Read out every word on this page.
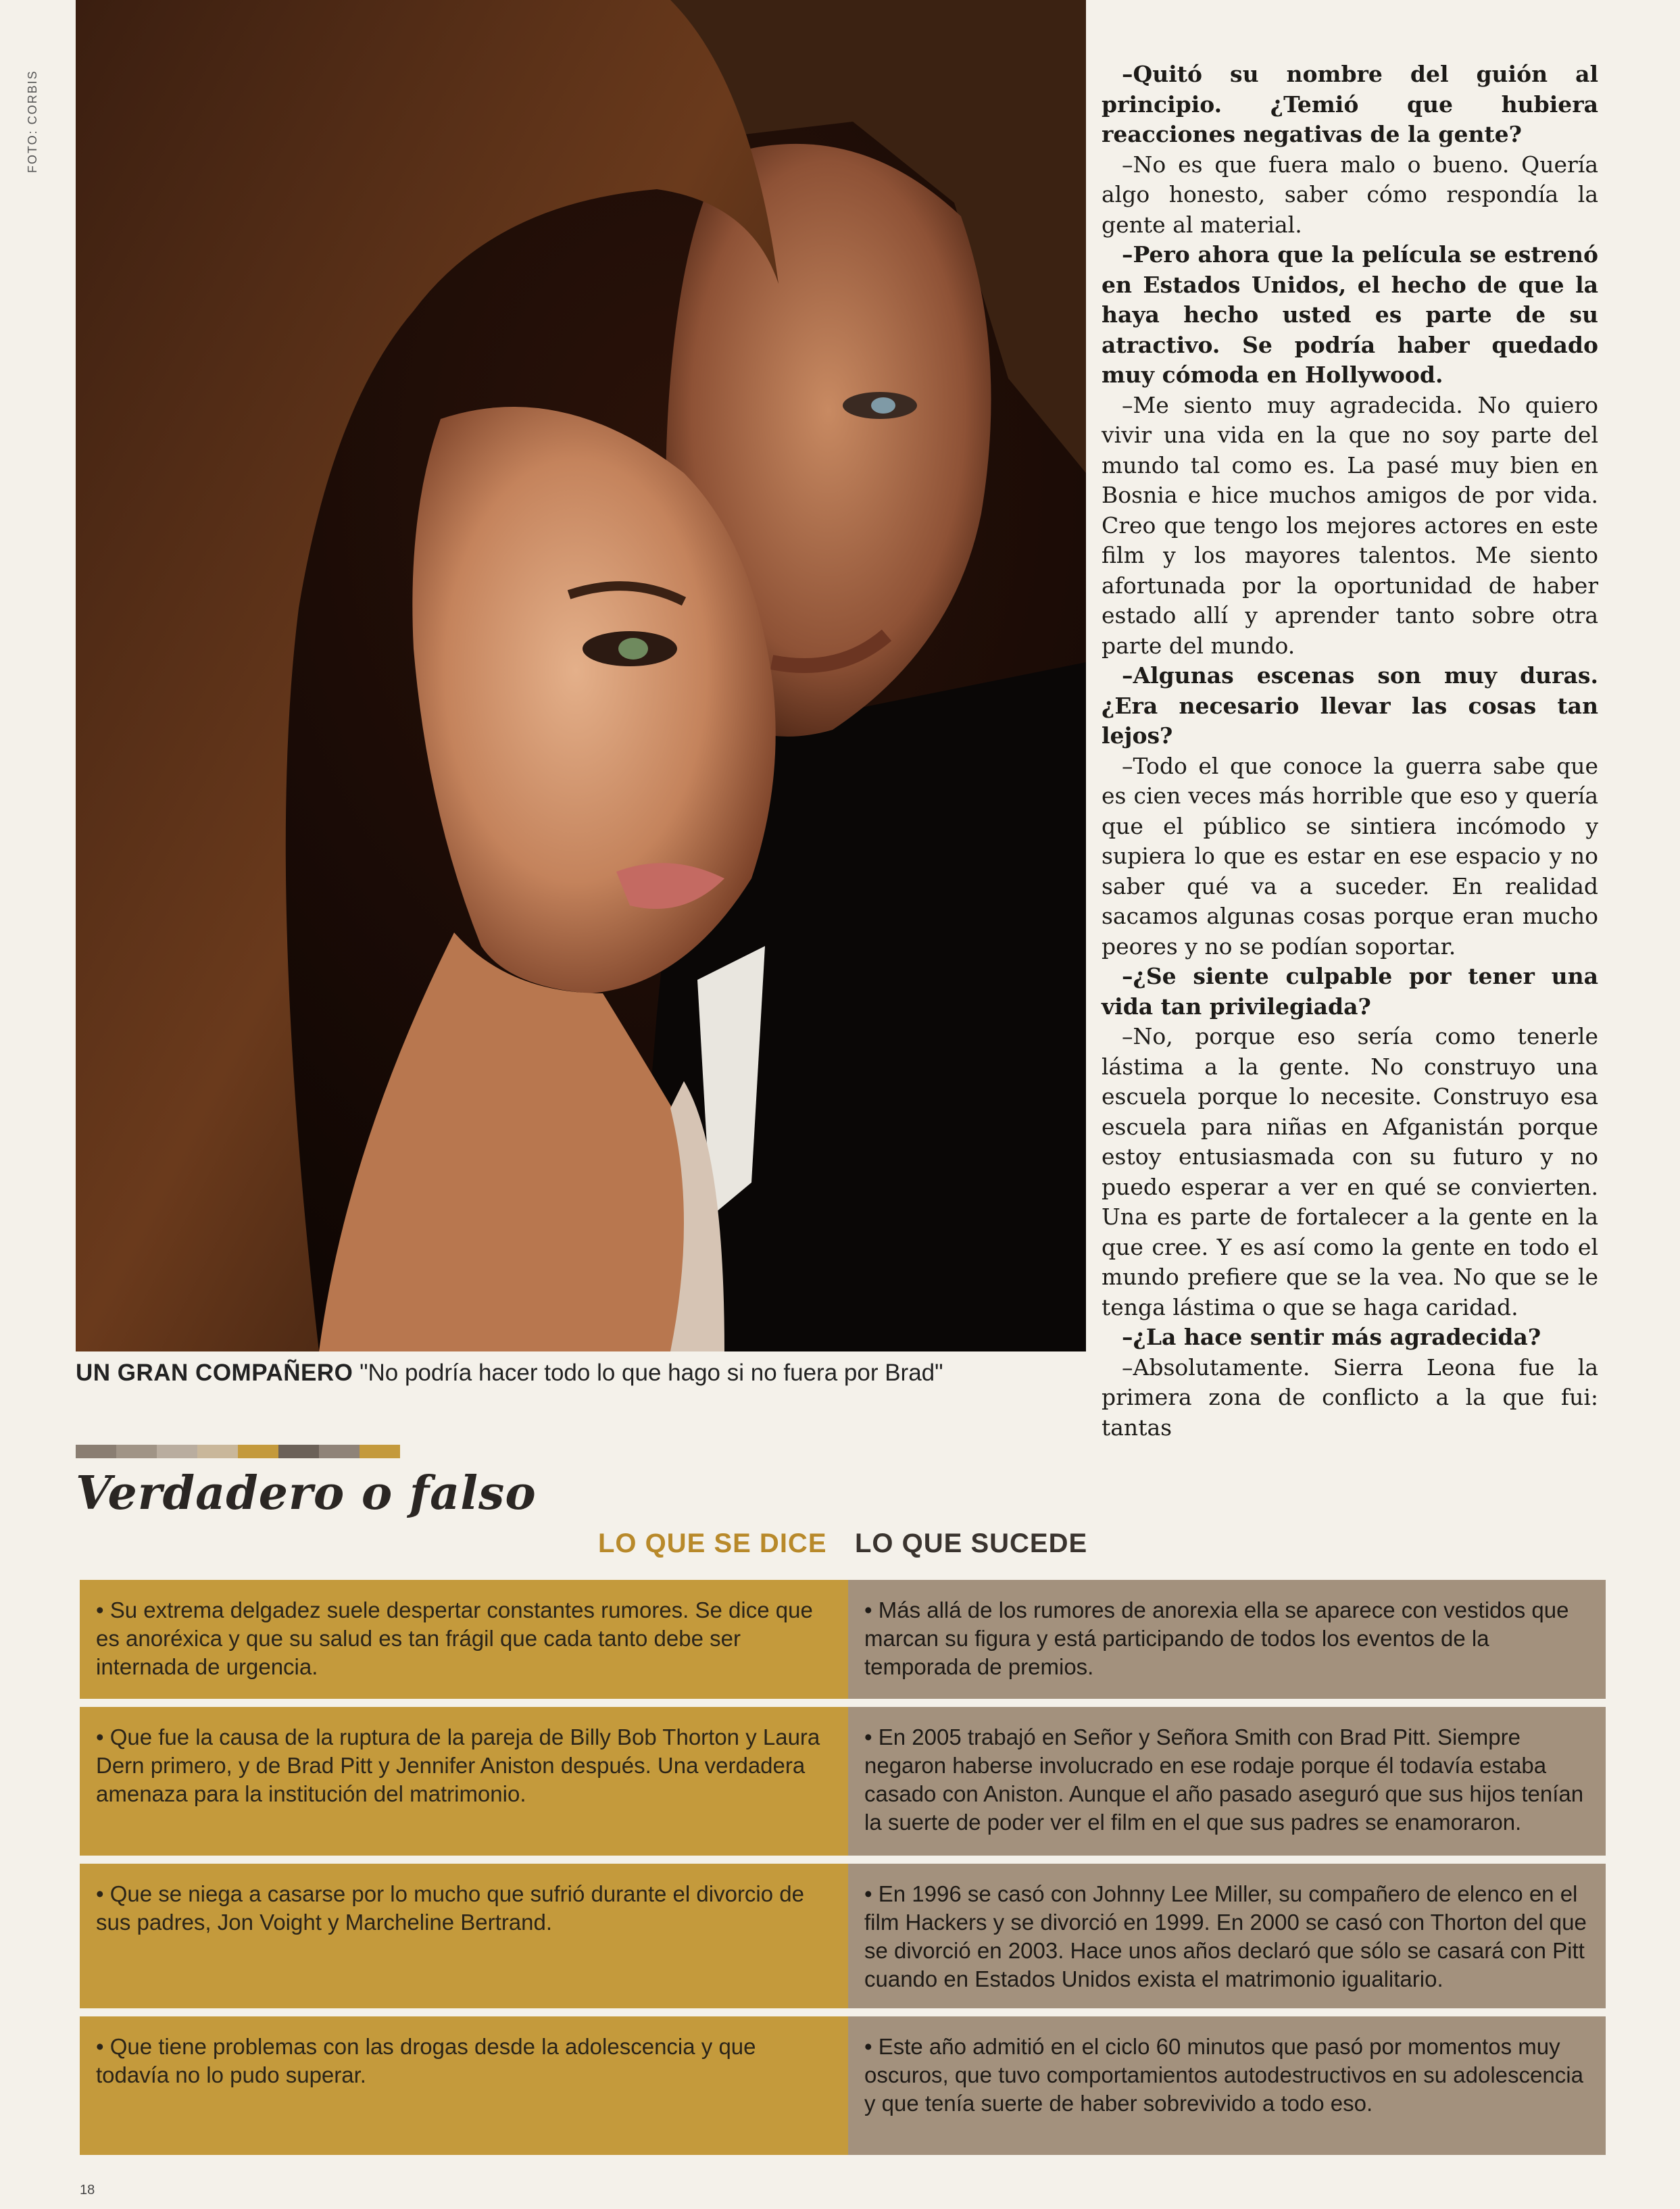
FOTO: CORBIS
UN GRAN COMPAÑERO "No podría hacer todo lo que hago si no fuera por Brad"

–Quitó su nombre del guión al principio. ¿Temió que hubiera reacciones negativas de la gente?

–No es que fuera malo o bueno. Quería algo honesto, saber cómo respondía la gente al material.

–Pero ahora que la película se estrenó en Estados Unidos, el hecho de que la haya hecho usted es parte de su atractivo. Se podría haber quedado muy cómoda en Hollywood.

–Me siento muy agradecida. No quiero vivir una vida en la que no soy parte del mundo tal como es. La pasé muy bien en Bosnia e hice muchos amigos de por vida. Creo que tengo los mejores actores en este film y los mayores talentos. Me siento afortunada por la oportunidad de haber estado allí y aprender tanto sobre otra parte del mundo.

–Algunas escenas son muy duras. ¿Era necesario llevar las cosas tan lejos?

–Todo el que conoce la guerra sabe que es cien veces más horrible que eso y quería que el público se sintiera incómodo y supiera lo que es estar en ese espacio y no saber qué va a suceder. En realidad sacamos algunas cosas porque eran mucho peores y no se podían soportar.

–¿Se siente culpable por tener una vida tan privilegiada?

–No, porque eso sería como tenerle lástima a la gente. No construyo una escuela porque lo necesite. Construyo esa escuela para niñas en Afganistán porque estoy entusiasmada con su futuro y no puedo esperar a ver en qué se convierten. Una es parte de fortalecer a la gente en la que cree. Y es así como la gente en todo el mundo prefiere que se la vea. No que se le tenga lástima o que se haga caridad.

–¿La hace sentir más agradecida?

–Absolutamente. Sierra Leona fue la primera zona de conflicto a la que fui: tantas

Verdadero o falso
LO QUE SE DICE LO QUE SUCEDE
• Su extrema delgadez suele despertar constantes rumores. Se dice que es anoréxica y que su salud es tan frágil que cada tanto debe ser internada de urgencia.
• Más allá de los rumores de anorexia ella se aparece con vestidos que marcan su figura y está participando de todos los eventos de la temporada de premios.
• Que fue la causa de la ruptura de la pareja de Billy Bob Thorton y Laura Dern primero, y de Brad Pitt y Jennifer Aniston después. Una verdadera amenaza para la institución del matrimonio.
• En 2005 trabajó en Señor y Señora Smith con Brad Pitt. Siempre negaron haberse involucrado en ese rodaje porque él todavía estaba casado con Aniston. Aunque el año pasado aseguró que sus hijos tenían la suerte de poder ver el film en el que sus padres se enamoraron.
• Que se niega a casarse por lo mucho que sufrió durante el divorcio de sus padres, Jon Voight y Marcheline Bertrand.
• En 1996 se casó con Johnny Lee Miller, su compañero de elenco en el film Hackers y se divorció en 1999. En 2000 se casó con Thorton del que se divorció en 2003. Hace unos años declaró que sólo se casará con Pitt cuando en Estados Unidos exista el matrimonio igualitario.
• Que tiene problemas con las drogas desde la adolescencia y que todavía no lo pudo superar.
• Este año admitió en el ciclo 60 minutos que pasó por momentos muy oscuros, que tuvo comportamientos autodestructivos en su adolescencia y que tenía suerte de haber sobrevivido a todo eso.
18
